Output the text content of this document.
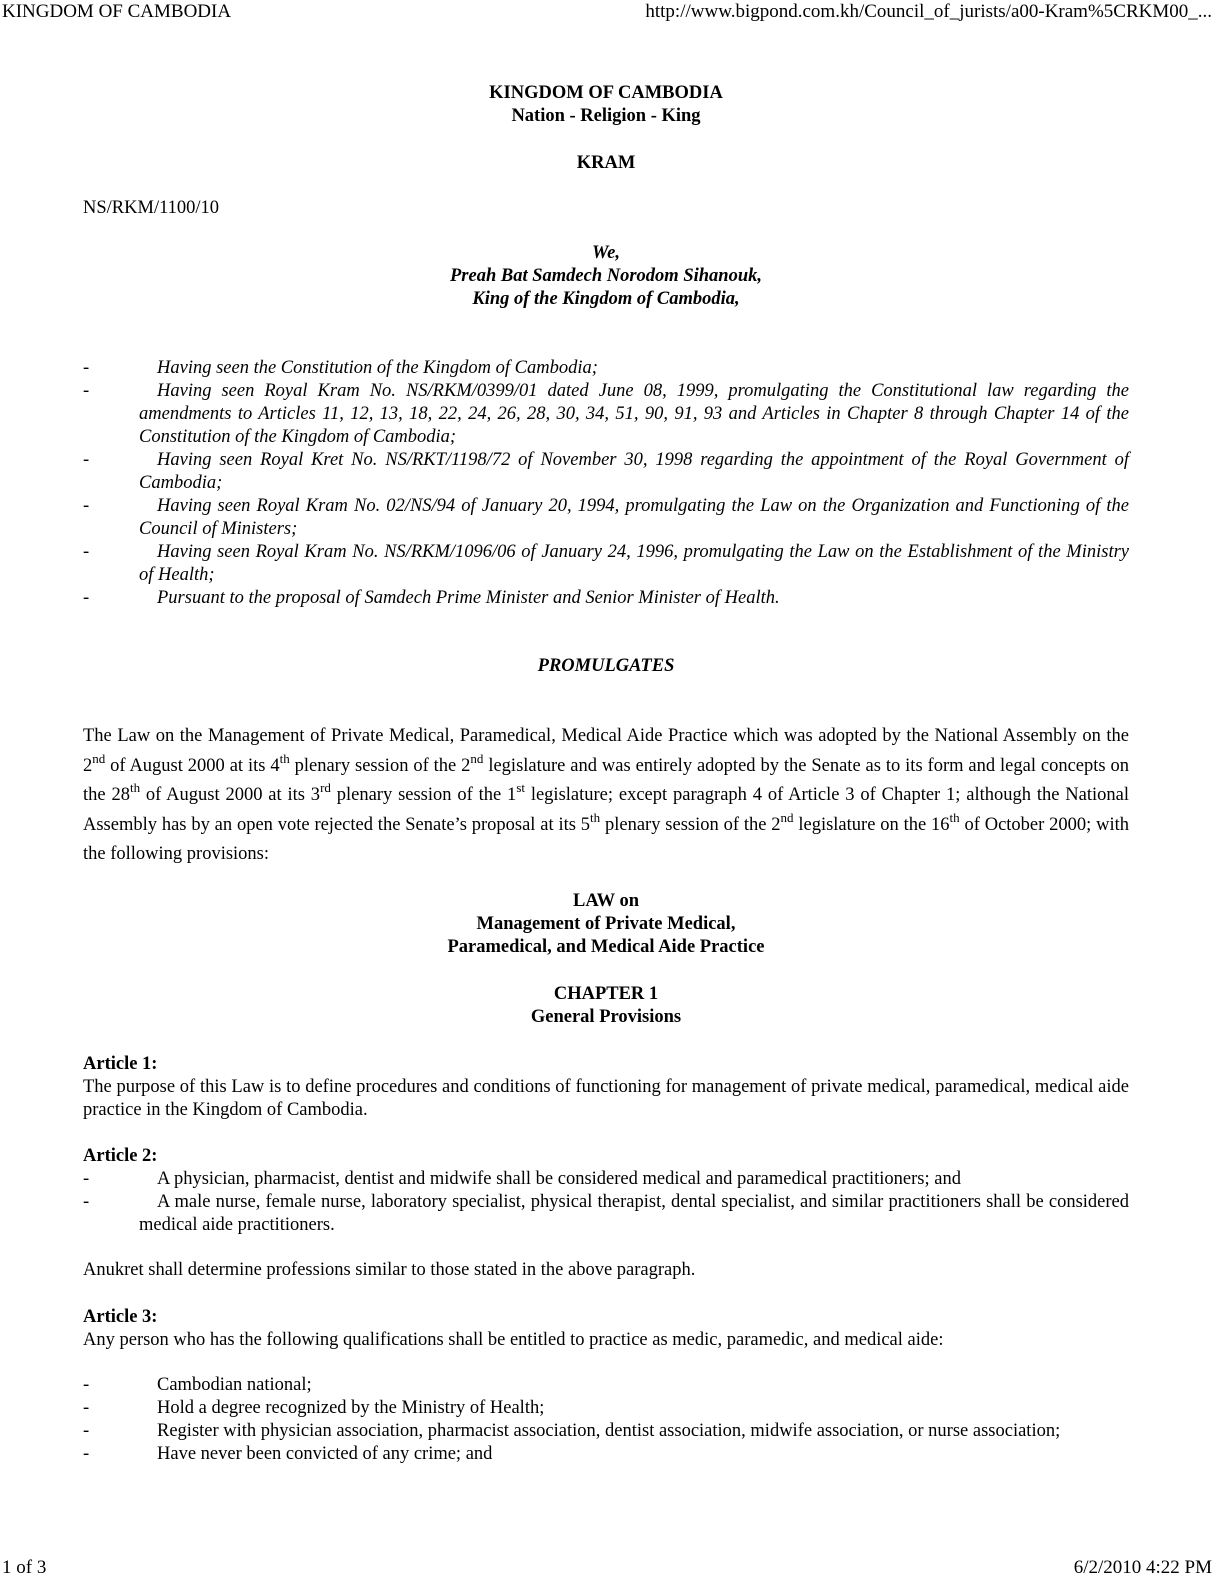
KINGDOM OF CAMBODIA	http://www.bigpond.com.kh/Council_of_jurists/a00-Kram%5CRKM00_...
KINGDOM OF CAMBODIA
Nation - Religion - King
KRAM
NS/RKM/1100/10
We,
Preah Bat Samdech Norodom Sihanouk,
King of the Kingdom of Cambodia,
-	Having seen the Constitution of the Kingdom of Cambodia;
-	Having seen Royal Kram No. NS/RKM/0399/01 dated June 08, 1999, promulgating the Constitutional law regarding the amendments to Articles 11, 12, 13, 18, 22, 24, 26, 28, 30, 34, 51, 90, 91, 93 and Articles in Chapter 8 through Chapter 14 of the Constitution of the Kingdom of Cambodia;
-	Having seen Royal Kret No. NS/RKT/1198/72 of November 30, 1998 regarding the appointment of the Royal Government of Cambodia;
-	Having seen Royal Kram No. 02/NS/94 of January 20, 1994, promulgating the Law on the Organization and Functioning of the Council of Ministers;
-	Having seen Royal Kram No. NS/RKM/1096/06 of January 24, 1996, promulgating the Law on the Establishment of the Ministry of Health;
-	Pursuant to the proposal of Samdech Prime Minister and Senior Minister of Health.
PROMULGATES
The Law on the Management of Private Medical, Paramedical, Medical Aide Practice which was adopted by the National Assembly on the 2nd of August 2000 at its 4th plenary session of the 2nd legislature and was entirely adopted by the Senate as to its form and legal concepts on the 28th of August 2000 at its 3rd plenary session of the 1st legislature; except paragraph 4 of Article 3 of Chapter 1; although the National Assembly has by an open vote rejected the Senate’s proposal at its 5th plenary session of the 2nd legislature on the 16th of October 2000; with the following provisions:
LAW on
Management of Private Medical,
Paramedical, and Medical Aide Practice
CHAPTER 1
General Provisions
Article 1:
The purpose of this Law is to define procedures and conditions of functioning for management of private medical, paramedical, medical aide practice in the Kingdom of Cambodia.
Article 2:
-	A physician, pharmacist, dentist and midwife shall be considered medical and paramedical practitioners; and
-	A male nurse, female nurse, laboratory specialist, physical therapist, dental specialist, and similar practitioners shall be considered medical aide practitioners.
Anukret shall determine professions similar to those stated in the above paragraph.
Article 3:
Any person who has the following qualifications shall be entitled to practice as medic, paramedic, and medical aide:
-	Cambodian national;
-	Hold a degree recognized by the Ministry of Health;
-	Register with physician association, pharmacist association, dentist association, midwife association, or nurse association;
-	Have never been convicted of any crime; and
1 of 3	6/2/2010 4:22 PM
